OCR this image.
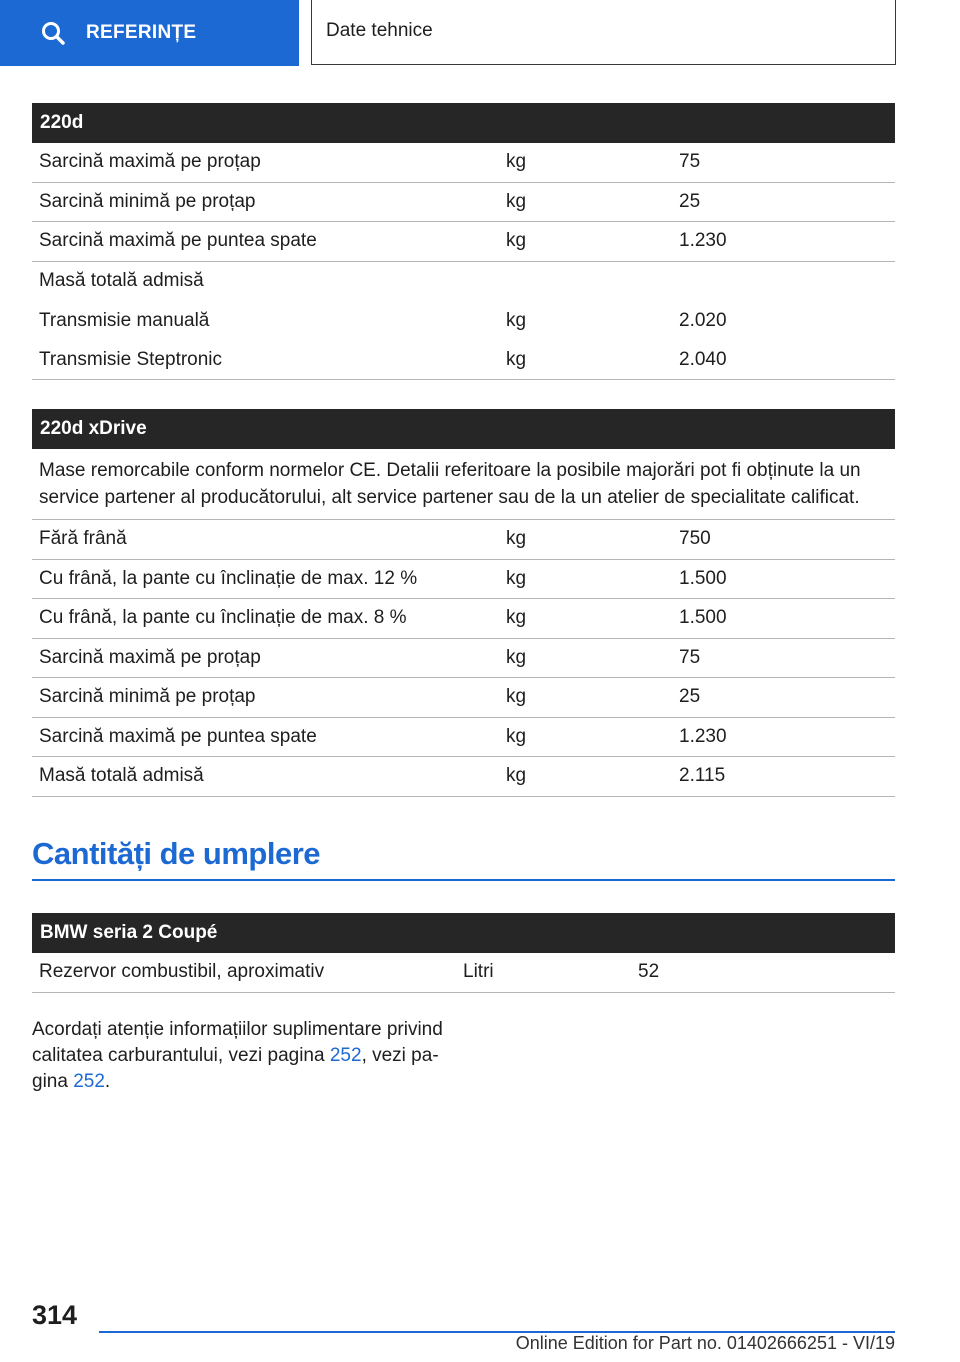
REFERINȚE	Date tehnice
220d
Sarcină maximă pe proțap	kg	75
Sarcină minimă pe proțap	kg	25
Sarcină maximă pe puntea spate	kg	1.230
Masă totală admisă
Transmisie manuală	kg	2.020
Transmisie Steptronic	kg	2.040
220d xDrive
Mase remorcabile conform normelor CE. Detalii referitoare la posibile majorări pot fi obținute la un service partener al producătorului, alt service partener sau de la un atelier de specialitate calificat.
Fără frână	kg	750
Cu frână, la pante cu înclinație de max. 12 %	kg	1.500
Cu frână, la pante cu înclinație de max. 8 %	kg	1.500
Sarcină maximă pe proțap	kg	75
Sarcină minimă pe proțap	kg	25
Sarcină maximă pe puntea spate	kg	1.230
Masă totală admisă	kg	2.115
Cantități de umplere
BMW seria 2 Coupé
Rezervor combustibil, aproximativ	Litri	52
Acordați atenție informațiilor suplimentare privind calitatea carburantului, vezi pagina 252, vezi pa-gina 252.
314
Online Edition for Part no. 01402666251 - VI/19
